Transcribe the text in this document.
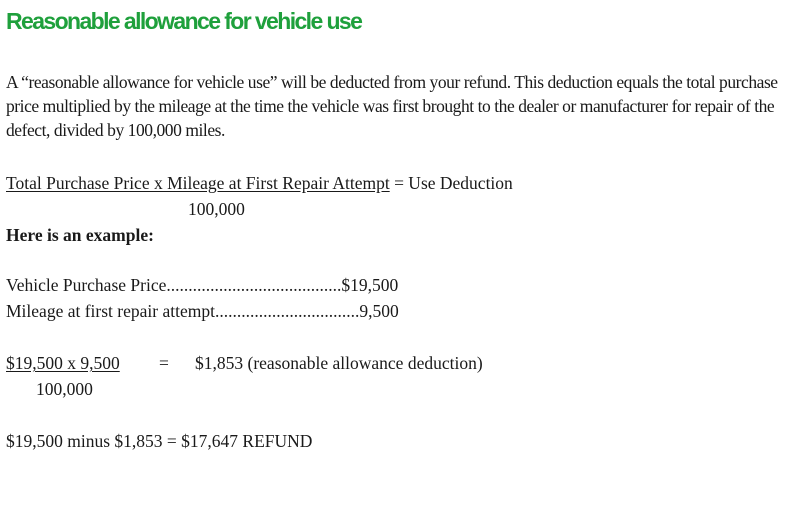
Reasonable allowance for vehicle use
A “reasonable allowance for vehicle use” will be deducted from your refund. This deduction equals the total purchase price multiplied by the mileage at the time the vehicle was first brought to the dealer or manufacturer for repair of the defect, divided by 100,000 miles.
Total Purchase Price x Mileage at First Repair Attempt = Use Deduction
100,000
Here is an example:
Vehicle Purchase Price........................................$19,500
Mileage at first repair attempt.................................9,500
$19,500 x 9,500 = $1,853 (reasonable allowance deduction)
100,000
$19,500 minus $1,853 = $17,647 REFUND
